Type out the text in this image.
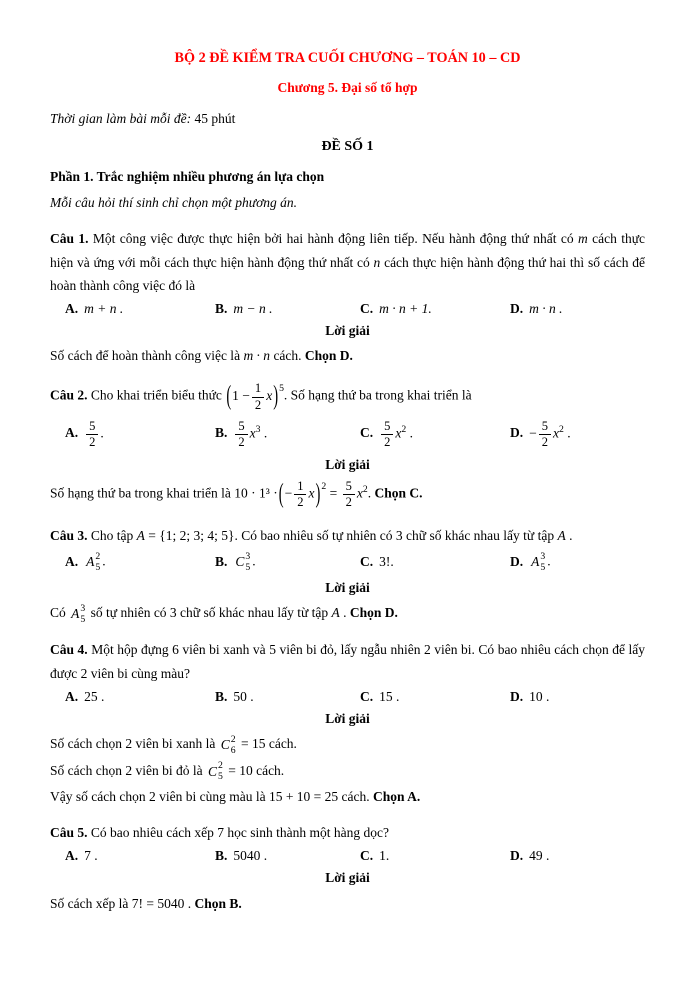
BỘ 2 ĐỀ KIỂM TRA CUỐI CHƯƠNG – TOÁN 10 – CD

Chương 5. Đại số tổ hợp

Thời gian làm bài mỗi đề: 45 phút

ĐỀ SỐ 1

Phần 1. Trắc nghiệm nhiều phương án lựa chọn

Mỗi câu hỏi thí sinh chỉ chọn một phương án.

Câu 1. Một công việc được thực hiện bởi hai hành động liên tiếp. Nếu hành động thứ nhất có m cách thực hiện và ứng với mỗi cách thực hiện hành động thứ nhất có n cách thực hiện hành động thứ hai thì số cách để hoàn thành công việc đó là

A. m + n .	B. m − n .	C. m · n + 1.	D. m · n .

Lời giải

Số cách để hoàn thành công việc là m · n cách. Chọn D.

Câu 2. Cho khai triển biểu thức $(1 - \frac{1}{2} x)^5$. Số hạng thứ ba trong khai triển là

A. $\frac{5}{2}$ .	B. $\frac{5}{2} x^3$ .	C. $\frac{5}{2} x^2$ .	D. − $\frac{5}{2} x^2$ .

Lời giải

Số hạng thứ ba trong khai triển là 10 · 1³ ·(− $\frac{1}{2} x)^2 = \frac{5}{2} x^2$. Chọn C.

Câu 3. Cho tập A = {1; 2; 3; 4; 5}. Có bao nhiêu số tự nhiên có 3 chữ số khác nhau lấy từ tập A .

A. A 2
5 .	B. C 3
5 .	C. 3!.	D. A 3
5 .

Lời giải

Có A 3
5 số tự nhiên có 3 chữ số khác nhau lấy từ tập A . Chọn D.

Câu 4. Một hộp đựng 6 viên bi xanh và 5 viên bi đỏ, lấy ngẫu nhiên 2 viên bi. Có bao nhiêu cách chọn để lấy được 2 viên bi cùng màu?

A. 25 .	B. 50 .	C. 15 .	D. 10 .

Lời giải

Số cách chọn 2 viên bi xanh là C 2
6 = 15 cách.

Số cách chọn 2 viên bi đỏ là C 2
5 = 10 cách.

Vậy số cách chọn 2 viên bi cùng màu là 15 + 10 = 25 cách. Chọn A.

Câu 5. Có bao nhiêu cách xếp 7 học sinh thành một hàng dọc?

A. 7 .	B. 5040 .	C. 1.	D. 49 .

Lời giải

Số cách xếp là 7! = 5040 . Chọn B.
